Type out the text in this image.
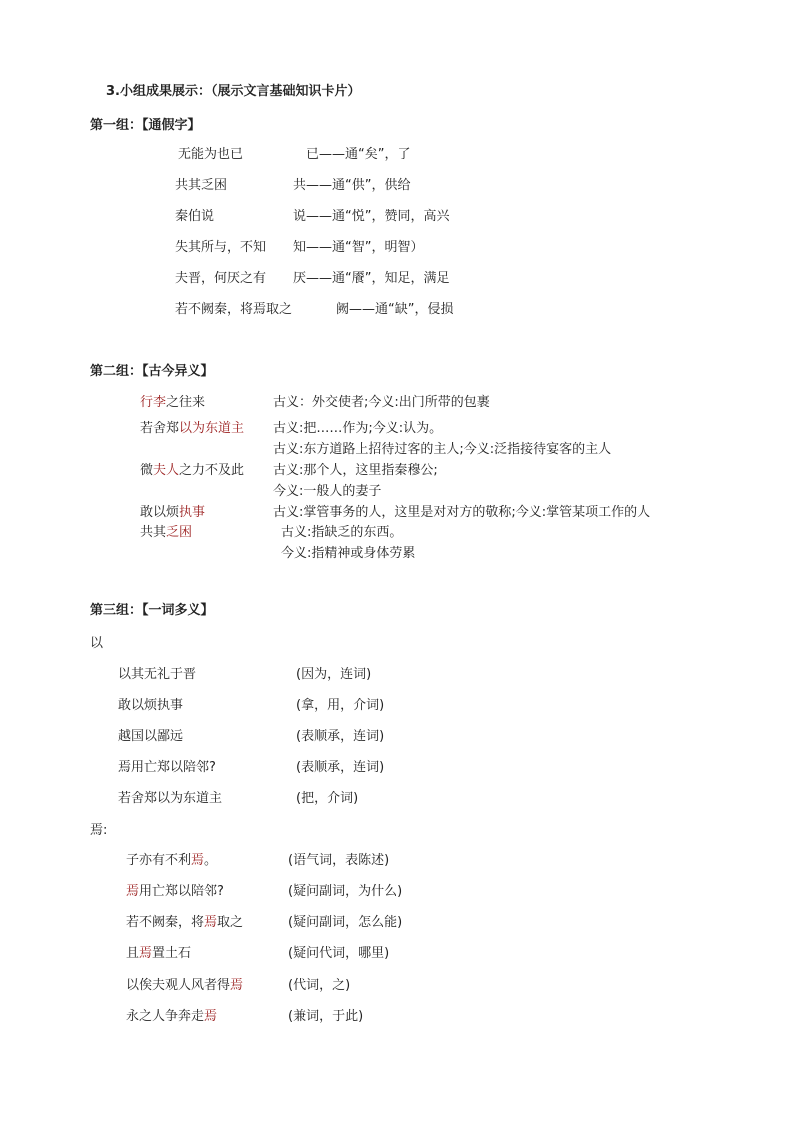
3.小组成果展示：（展示文言基础知识卡片）
第一组：【通假字】
无能为也已	已——通“矣”，了
共其乏困	共——通“供”，供给
秦伯说	说——通“悦”，赞同，高兴
失其所与，不知 知——通“智”，明智）
夫晋，何厌之有 厌——通“餍”，知足，满足
若不阙秦，将焉取之	阙——通“缺”，侵损
第二组：【古今异义】
行李之往来	古义：外交使者;今义:出门所带的包裹
若舍郑以为东道主 古义:把……作为;今义:认为。
古义:东方道路上招待过客的主人;今义:泛指接待宴客的主人
微夫人之力不及此 古义:那个人，这里指秦穆公;
今义:一般人的妻子
敢以烦执事	古义:掌管事务的人，这里是对对方的敬称;今义:掌管某项工作的人
共其乏困	古义:指缺乏的东西。
今义:指精神或身体劳累
第三组：【一词多义】
以
以其无礼于晋	(因为，连词)
敢以烦执事	(拿，用，介词)
越国以鄙远	(表顺承，连词)
焉用亡郑以陪邻?	(表顺承，连词)
若舍郑以为东道主	(把，介词)
焉:
子亦有不利焉。	(语气词，表陈述)
焉用亡郑以陪邻?	(疑问副词，为什么)
若不阙秦，将焉取之	(疑问副词，怎么能)
且焉置土石	(疑问代词，哪里)
以俟夫观人风者得焉	(代词，之)
永之人争奔走焉	(兼词，于此)
